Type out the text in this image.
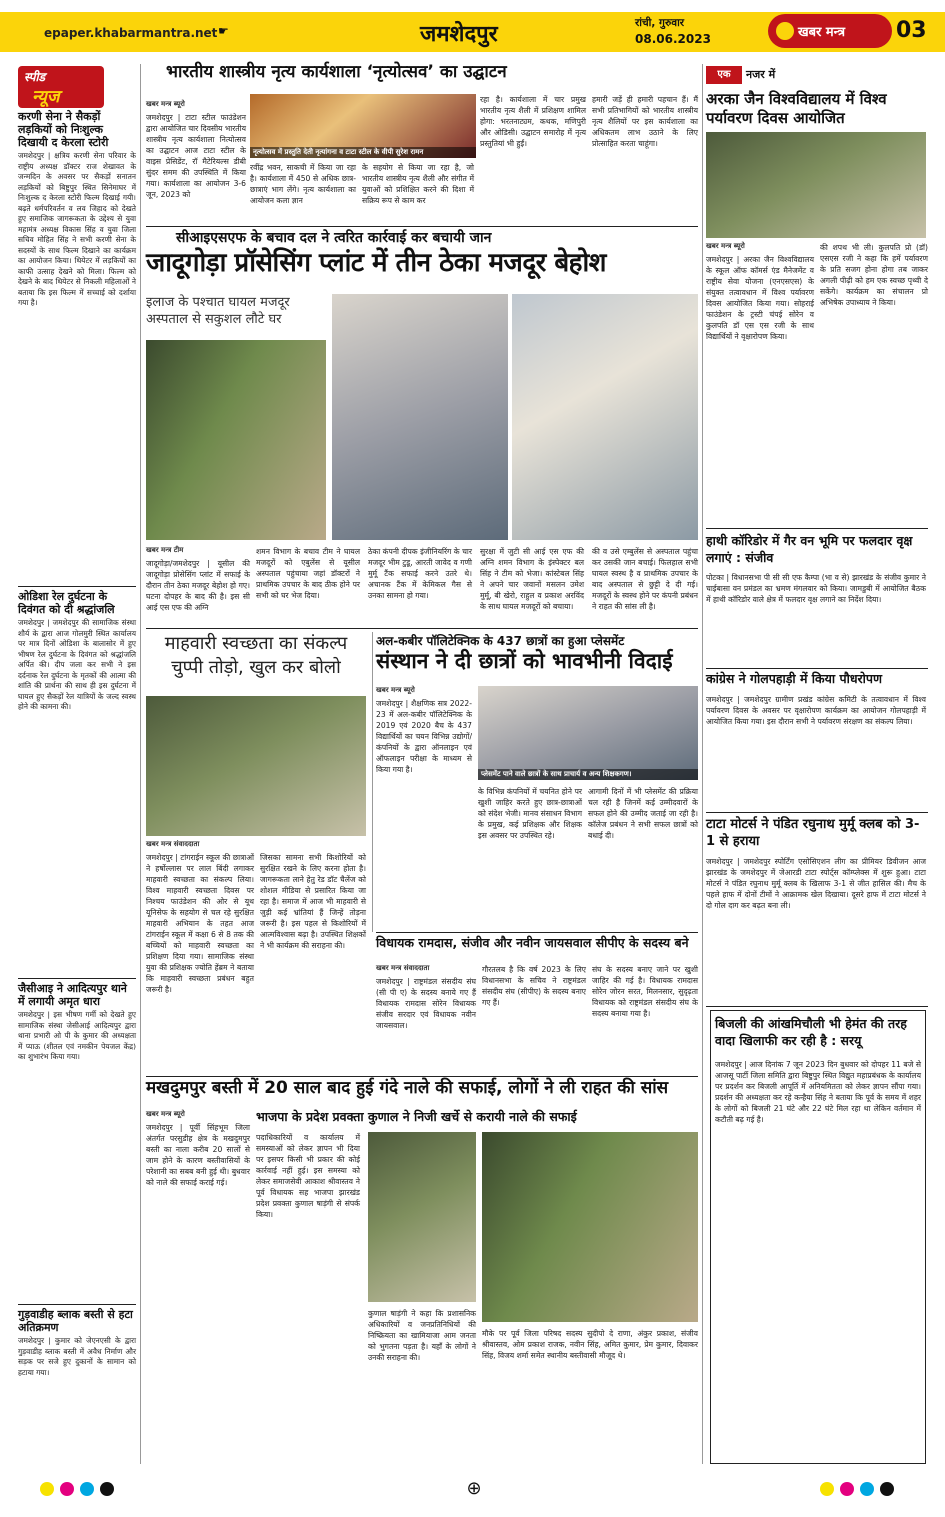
epaper.khabarmantra.net ☛	जमशेदपुर	रांची, गुरुवार
08.06.2023	खबर मन्त्र	03
स्पीड
न्यूज
करणी सेना ने सैकड़ों लड़कियों को निःशुल्क दिखायी द केरला स्टोरी
जमशेदपुर | क्षत्रिय करणी सेना परिवार के राष्ट्रीय अध्यक्ष डॉक्टर राज शेखावत के जन्मदिन के अवसर पर सैकड़ों सनातन लड़कियों को बिष्टुपुर स्थित सिनेमाघर में निःशुल्क द केरला स्टोरी फिल्म दिखाई गयी। बढ़ते धर्मपरिवर्तन व लव जिहाद को देखते हुए समाजिक जागरूकता के उद्देश्य से युवा महामंत्र अध्यक्ष विकास सिंह व युवा जिला सचिव मोहित सिंह ने सभी करणी सेना के सदस्यों के साथ फिल्म दिखाने का कार्यक्रम का आयोजन किया। थियेटर में लड़कियों का काफी उत्साह देखने को मिला। फिल्म को देखने के बाद थियेटर से निकली महिलाओं ने बताया कि इस फिल्म में सच्चाई को दर्शाया गया है।
ओडिशा रेल दुर्घटना के दिवंगत को दी श्रद्धांजलि
जमशेदपुर | जमशेदपुर की सामाजिक संस्था शौर्य के द्वारा आज गोलमुरी स्थित कार्यालय पर मात्र दिनों ओडिशा के बालासोर में हुए भीषण रेल दुर्घटना के दिवंगत को श्रद्धांजलि अर्पित की। दीप जला कर सभी ने इस दर्दनाक रेल दुर्घटना के मृतकों की आत्मा की शांति की प्रार्थना की साथ ही इस दुर्घटना में घायल हुए सैकड़ों रेल यात्रियों के जल्द स्वस्थ होने की कामना की।
जैसीआइ ने आदित्यपुर थाने में लगायी अमृत धारा
जमशेदपुर | इस भीषण गर्मी को देखते हुए सामाजिक संस्था जेसीआई आदित्यपुर द्वारा थाना प्रभारी ओ पी के कुमार की अध्यक्षता में प्याऊ (शीतल एवं नमकीन पेयजल केंद्र) का शुभारंभ किया गया।
गुड़वाडीह ब्लाक बस्ती से हटा अतिक्रमण
जमशेदपुर | कुमार को जेएनएसी के द्वारा गुड़वाडीह ब्लाक बस्ती में अवैध निर्माण और सड़क पर सजे हुए दुकानों के सामान को हटाया गया।
भारतीय शास्त्रीय नृत्य कार्यशाला ‘नृत्योत्सव’ का उद्घाटन
खबर मन्त्र ब्यूरो
जमशेदपुर | टाटा स्टील फाउंडेशन द्वारा आयोजित चार दिवसीय भारतीय शास्त्रीय नृत्य कार्यशाला नित्योत्सव का उद्घाटन आज टाटा स्टील के वाइस प्रेसिडेंट, रॉ मैटेरियल्स डीबी सुंदर समम की उपस्थिति में किया गया। कार्यशाला का आयोजन 3-6 जून, 2023 को
नृत्योत्सव में प्रस्तुति देती नृत्यांगना व टाटा स्टील के वीपी सुरेश रामन
रवींद्र भवन, साकची में किया जा रहा है। कार्यशाला में 450 से अधिक छात्र-छात्राएं भाग लेंगे। नृत्य कार्यशाला का आयोजन कला ज्ञान
के सहयोग से किया जा रहा है, जो भारतीय शास्त्रीय नृत्य शैली और संगीत में युवाओं को प्रशिक्षित करने की दिशा में सक्रिय रूप से काम कर
रहा है। कार्यशाला में चार प्रमुख भारतीय नृत्य शैली में प्रशिक्षण शामिल होगा: भरतनाट्यम, कथक, मणिपुरी और ओडिसी। उद्घाटन समारोह में नृत्य प्रस्तुतियां भी हुईं।
हमारी जड़ें ही हमारी पहचान हैं। मैं सभी प्रतिभागियों को भारतीय शास्त्रीय नृत्य शैलियों पर इस कार्यशाला का अधिकतम लाभ उठाने के लिए प्रोत्साहित करता चाहूंगा।
सीआइएसएफ के बचाव दल ने त्वरित कार्रवाई कर बचायी जान
जादूगोड़ा प्रॉसेसिंग प्लांट में तीन ठेका मजदूर बेहोश
इलाज के पश्चात घायल मजदूर अस्पताल से सकुशल लौटे घर
खबर मन्त्र टीम
जादूगोड़ा/जमशेदपुर | यूसील की जादूगोड़ा प्रोसेसिंग प्लांट में सफाई के दौरान तीन ठेका मजदूर बेहोश हो गए। घटना दोपहर के बाद की है। इस सी आई एस एफ की अग्नि
शमन विभाग के बचाव टीम ने घायल मजदूरों को एबुलेंस से यूसील अस्पताल पहुंचाया जहां डॉक्टरों ने प्राथमिक उपचार के बाद ठीक होने पर सभी को घर भेज दिया।
ठेका कंपनी दीपक इंजीनियरिंग के चार मजदूर भीम टुडू, आरती जावेद व गणी मुर्मू टैंक सफाई करने उतरे थे। अचानक टैंक में केमिकल गैस से उनका सामना हो गया।
सुरक्षा में जुटी सी आई एस एफ की अग्नि शमन विभाग के इंस्पेक्टर बल सिंह ने टीम को भेजा। कांस्टेबल सिंह ने अपने चार जवानों मसलन उमेश मुर्मू, बी खेरो, राहुल व प्रकाश अरविंद के साथ घायल मजदूरों को बचाया।
की व उसे एम्बुलेंस से अस्पताल पहुंचा कर उसकी जान बचाई। फिलहाल सभी घायल स्वस्थ है व प्राथमिक उपचार के बाद अस्पताल से छुट्टी दे दी गई। मजदूरों के स्वस्थ होने पर कंपनी प्रबंधन ने राहत की सांस ली है।
माहवारी स्वच्छता का संकल्प चुप्पी तोड़ो, खुल कर बोलो
खबर मन्त्र संवाददाता
जमशेदपुर | टांगराईन स्कूल की छात्राओं ने हर्षोल्लास पर लाल बिंदी लगाकर माहवारी स्वच्छता का संकल्प लिया। विश्व माहवारी स्वच्छता दिवस पर निश्चय फाउंडेशन की ओर से यूथ यूनिसेफ के सहयोग से चल रहे सुरक्षित माहवारी अभियान के तहत आज टांगराईन स्कूल में कक्षा 6 से 8 तक की बच्चियों को माहवारी स्वच्छता का प्रशिक्षण दिया गया। सामाजिक संस्था युवा की प्रशिक्षक ज्योति हेंब्रम ने बताया कि माहवारी स्वच्छता प्रबंधन बहुत जरूरी है।
जिसका सामना सभी किशोरियों को सुरक्षित रखने के लिए करना होता है। जागरूकता लाने हेतु रेड डॉट चैलेंज को शोशल मीडिया से प्रसारित किया जा रहा है। समाज में आज भी माहवारी से जुड़ी कई भ्रांतियां हैं जिन्हें तोड़ना जरूरी है। इस पहल से किशोरियों में आत्मविश्वास बढ़ा है। उपस्थित शिक्षकों ने भी कार्यक्रम की सराहना की।
अल-कबीर पॉलिटेक्निक के 437 छात्रों का हुआ प्लेसमेंट
संस्थान ने दी छात्रों को भावभीनी विदाई
खबर मन्त्र ब्यूरो
जमशेदपुर | शैक्षणिक सत्र 2022-23 में अल-कबीर पॉलिटेक्निक के 2019 एवं 2020 बैच के 437 विद्यार्थियों का चयन विभिन्न उद्योगों/कंपनियों के द्वारा ऑनलाइन एवं ऑफलाइन परीक्षा के माध्यम से किया गया है।	प्लेसमेंट पाने वाले छात्रों के साथ प्राचार्य व अन्य शिक्षकगण।
के विभिन्न कंपनियों में चयनित होने पर खुशी जाहिर करते हुए छात्र-छात्राओं को संदेश भेजी। मानव संसाधन विभाग के प्रमुख, कई प्रशिक्षक और शिक्षक इस अवसर पर उपस्थित रहे।
आगामी दिनों में भी प्लेसमेंट की प्रक्रिया चल रही है जिनमें कई उम्मीदवारों के सफल होने की उम्मीद जताई जा रही है। कॉलेज प्रबंधन ने सभी सफल छात्रों को बधाई दी।
विधायक रामदास, संजीव और नवीन जायसवाल सीपीए के सदस्य बने
खबर मन्त्र संवाददाता
जमशेदपुर | राष्ट्रमंडल संसदीय संघ (सी पी ए) के सदस्य बनाये गए हैं विधायक रामदास सोरेन विधायक संजीव सरदार एवं विधायक नवीन जायसवाल।
गौरतलब है कि वर्ष 2023 के लिए विधानसभा के सचिव ने राष्ट्रमंडल संसदीय संघ (सीपीए) के सदस्य बनाए गए हैं।
संघ के सदस्य बनाए जाने पर खुशी जाहिर की गई है। विधायक रामदास सोरेन जोरन सरत, मिलनसार, सुदृढ़ता विधायक को राष्ट्रमंडल संसदीय संघ के सदस्य बनाया गया है।
मखदुमपुर बस्ती में 20 साल बाद हुई गंदे नाले की सफाई, लोगों ने ली राहत की सांस
खबर मन्त्र ब्यूरो
जमशेदपुर | पूर्वी सिंहभूम जिला अंतर्गत परसुडीह क्षेत्र के मखदुमपुर बस्ती का नाला करीब 20 सालों से जाम होने के कारण बस्तीवासियों के परेशानी का सबब बनी हुई थी। बुधवार को नाले की सफाई कराई गई।
भाजपा के प्रदेश प्रवक्ता कुणाल ने निजी खर्चे से करायी नाले की सफाई
पदाधिकारियों व कार्यालय में समस्याओं को लेकर ज्ञापन भी दिया पर इसपर किसी भी प्रकार की कोई कार्रवाई नहीं हुई। इस समस्या को लेकर समाजसेवी आकाश श्रीवास्तव ने पूर्व विधायक सह भाजपा झारखंड प्रदेश प्रवक्ता कुणाल षाड़ंगी से संपर्क किया।
कुणाल षाड़ंगी ने कहा कि प्रशासनिक अधिकारियों व जनप्रतिनिधियों की निष्क्रियता का खामियाजा आम जनता को भुगतना पड़ता है। यहाँ के लोगों ने उनकी सराहना की।
मौके पर पूर्व जिला परिषद सदस्य सुदीपो दे राणा, अंकुर प्रकाश, संजीव श्रीवास्तव, ओम प्रकाश राजक, नवीन सिंह, अमित कुमार, प्रेम कुमार, दिवाकर सिंह, विजय शर्मा समेत स्थानीय बस्तीवासी मौजूद थे।
एक	नजर में
अरका जैन विश्वविद्यालय में विश्व पर्यावरण दिवस आयोजित
खबर मन्त्र ब्यूरो
जमशेदपुर | अरका जैन विश्वविद्यालय के स्कूल ऑफ कॉमर्स एंड मैनेजमेंट व राष्ट्रीय सेवा योजना (एनएसएस) के संयुक्त तत्वावधान में विश्व पर्यावरण दिवस आयोजित किया गया। सोहराई फाउंडेशन के ट्रस्टी चंपई सोरेन व कुलपति डॉ एस एस रजी के साथ विद्यार्थियों ने वृक्षारोपण किया।
की शपथ भी ली। कुलपति प्रो (डॉ) एसएस रजी ने कहा कि हमें पर्यावरण के प्रति सजग होना होगा तब जाकर अगली पीढ़ी को हम एक स्वच्छ पृथ्वी दे सकेंगे। कार्यक्रम का संचालन प्रो अभिषेक उपाध्याय ने किया।
हाथी कॉरिडोर में गैर वन भूमि पर फलदार वृक्ष लगाएं : संजीव
पोटका | विधानसभा पी सी सी एफ कैम्पा (भा व से) झारखंड के संजीव कुमार ने चाईबासा वन प्रमंडल का भ्रमण मंगलवार को किया। जामडुबी में आयोजित बैठक में हाथी कॉरिडोर वाले क्षेत्र में फलदार वृक्ष लगाने का निर्देश दिया।
कांग्रेस ने गोलपहाड़ी में किया पौधरोपण
जमशेदपुर | जमशेदपुर ग्रामीण प्रखंड कांग्रेस कमिटी के तत्वावधान में विश्व पर्यावरण दिवस के अवसर पर वृक्षारोपण कार्यक्रम का आयोजन गोलपहाड़ी में आयोजित किया गया। इस दौरान सभी ने पर्यावरण संरक्षण का संकल्प लिया।
टाटा मोटर्स ने पंडित रघुनाथ मुर्मू क्लब को 3-1 से हराया
जमशेदपुर | जमशेदपुर स्पोर्टिंग एसोसिएशन लीग का प्रीमियर डिवीजन आज झारखंड के जमशेदपुर में जेआरडी टाटा स्पोर्ट्स कॉम्प्लेक्स में शुरू हुआ। टाटा मोटर्स ने पंडित रघुनाथ मुर्मू क्लब के खिलाफ 3-1 से जीत हासिल की। मैच के पहले हाफ में दोनों टीमों ने आक्रामक खेल दिखाया। दूसरे हाफ में टाटा मोटर्स ने दो गोल दाग कर बढ़त बना ली।
बिजली की आंखमिचौली भी हेमंत की तरह वादा खिलाफी कर रही है : सरयू
जमशेदपुर | आज दिनांक 7 जून 2023 दिन बुधवार को दोपहर 11 बजे से आजसू पार्टी जिला समिति द्वारा बिष्टुपुर स्थित विद्युत महाप्रबंधक के कार्यालय पर प्रदर्शन कर बिजली आपूर्ति में अनियमितता को लेकर ज्ञापन सौंपा गया। प्रदर्शन की अध्यक्षता कर रहे कन्हैया सिंह ने बताया कि पूर्व के समय में शहर के लोगों को बिजली 21 घंटे और 22 घंटे मिल रहा था लेकिन वर्तमान में कटौती बढ़ गई है।
⊕
